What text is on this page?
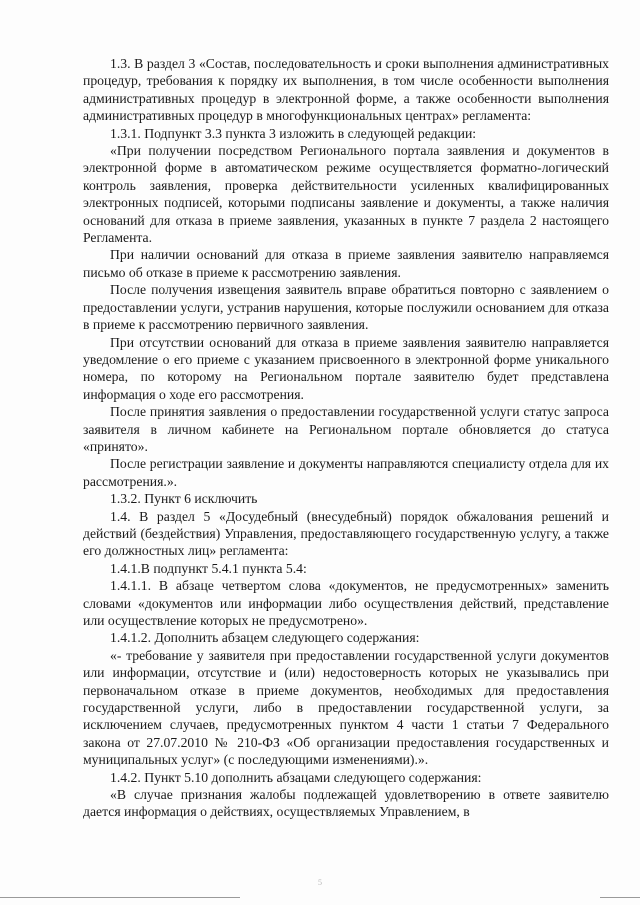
1.3. В раздел 3 «Состав, последовательность и сроки выполнения административных процедур, требования к порядку их выполнения, в том числе особенности выполнения административных процедур в электронной форме, а также особенности выполнения административных процедур в многофункциональных центрах» регламента:

1.3.1. Подпункт 3.3 пункта 3 изложить в следующей редакции:

«При получении посредством Регионального портала заявления и документов в электронной форме в автоматическом режиме осуществляется форматно-логический контроль заявления, проверка действительности усиленных квалифицированных электронных подписей, которыми подписаны заявление и документы, а также наличия оснований для отказа в приеме заявления, указанных в пункте 7 раздела 2 настоящего Регламента.

При наличии оснований для отказа в приеме заявления заявителю направляемся письмо об отказе в приеме к рассмотрению заявления.

После получения извещения заявитель вправе обратиться повторно с заявлением о предоставлении услуги, устранив нарушения, которые послужили основанием для отказа в приеме к рассмотрению первичного заявления.

При отсутствии оснований для отказа в приеме заявления заявителю направляется уведомление о его приеме с указанием присвоенного в электронной форме уникального номера, по которому на Региональном портале заявителю будет представлена информация о ходе его рассмотрения.

После принятия заявления о предоставлении государственной услуги статус запроса заявителя в личном кабинете на Региональном портале обновляется до статуса «принято».

После регистрации заявление и документы направляются специалисту отдела для их рассмотрения.».

1.3.2. Пункт 6 исключить

1.4. В раздел 5 «Досудебный (внесудебный) порядок обжалования решений и действий (бездействия) Управления, предоставляющего государственную услугу, а также его должностных лиц» регламента:

1.4.1.В подпункт 5.4.1 пункта 5.4:

1.4.1.1. В абзаце четвертом слова «документов, не предусмотренных» заменить словами «документов или информации либо осуществления действий, представление или осуществление которых не предусмотрено».

1.4.1.2. Дополнить абзацем следующего содержания:

«- требование у заявителя при предоставлении государственной услуги документов или информации, отсутствие и (или) недостоверность которых не указывались при первоначальном отказе в приеме документов, необходимых для предоставления государственной услуги, либо в предоставлении государственной услуги, за исключением случаев, предусмотренных пунктом 4 части 1 статьи 7 Федерального закона от 27.07.2010 № 210-ФЗ «Об организации предоставления государственных и муниципальных услуг» (с последующими изменениями).».

1.4.2. Пункт 5.10 дополнить абзацами следующего содержания:

«В случае признания жалобы подлежащей удовлетворению в ответе заявителю дается информация о действиях, осуществляемых Управлением, в

5
